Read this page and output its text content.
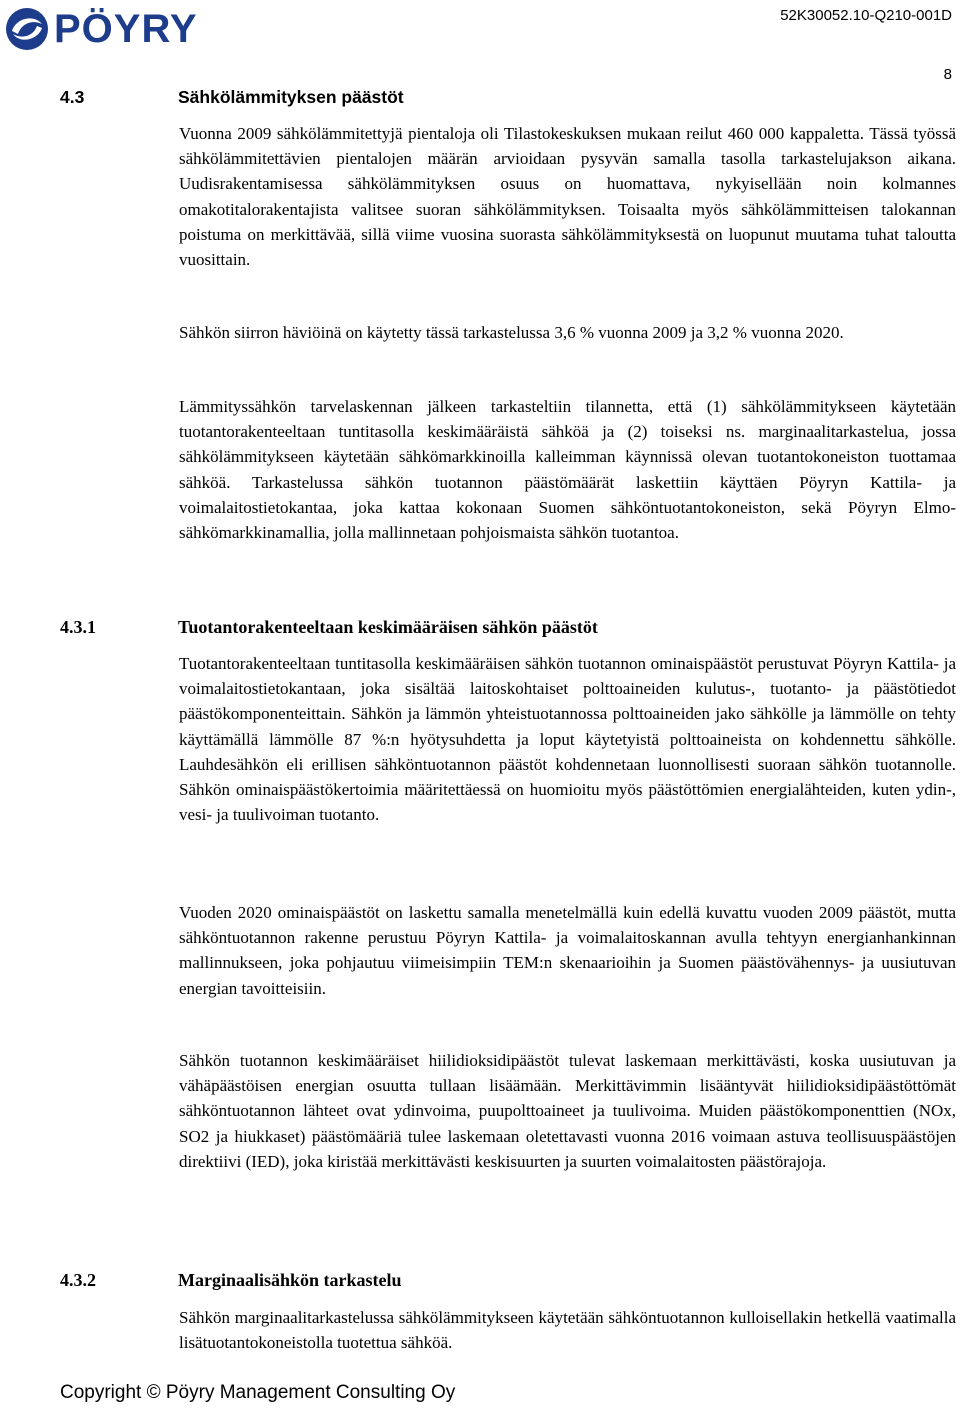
PÖYRY	52K30052.10-Q210-001D
8
4.3	Sähkölämmityksen päästöt

Vuonna 2009 sähkölämmitettyjä pientaloja oli Tilastokeskuksen mukaan reilut 460 000 kappaletta. Tässä työssä sähkölämmitettävien pientalojen määrän arvioidaan pysyvän samalla tasolla tarkastelujakson aikana. Uudisrakentamisessa sähkölämmityksen osuus on huomattava, nykyisellään noin kolmannes omakotitalorakentajista valitsee suoran sähkölämmityksen. Toisaalta myös sähkölämmitteisen talokannan poistuma on merkittävää, sillä viime vuosina suorasta sähkölämmityksestä on luopunut muutama tuhat taloutta vuosittain.

Sähkön siirron häviöinä on käytetty tässä tarkastelussa 3,6 % vuonna 2009 ja 3,2 % vuonna 2020.

Lämmityssähkön tarvelaskennan jälkeen tarkasteltiin tilannetta, että (1) sähkölämmitykseen käytetään tuotantorakenteeltaan tuntitasolla keskimääräistä sähköä ja (2) toiseksi ns. marginaalitarkastelua, jossa sähkölämmitykseen käytetään sähkömarkkinoilla kalleimman käynnissä olevan tuotantokoneiston tuottamaa sähköä. Tarkastelussa sähkön tuotannon päästömäärät laskettiin käyttäen Pöyryn Kattila- ja voimalaitostietokantaa, joka kattaa kokonaan Suomen sähköntuotantokoneiston, sekä Pöyryn Elmo-sähkömarkkinamallia, jolla mallinnetaan pohjoismaista sähkön tuotantoa.

4.3.1	Tuotantorakenteeltaan keskimääräisen sähkön päästöt

Tuotantorakenteeltaan tuntitasolla keskimääräisen sähkön tuotannon ominaispäästöt perustuvat Pöyryn Kattila- ja voimalaitostietokantaan, joka sisältää laitoskohtaiset polttoaineiden kulutus-, tuotanto- ja päästötiedot päästökomponenteittain. Sähkön ja lämmön yhteistuotannossa polttoaineiden jako sähkölle ja lämmölle on tehty käyttämällä lämmölle 87 %:n hyötysuhdetta ja loput käytetyistä polttoaineista on kohdennettu sähkölle. Lauhdesähkön eli erillisen sähköntuotannon päästöt kohdennetaan luonnollisesti suoraan sähkön tuotannolle. Sähkön ominaispäästökertoimia määritettäessä on huomioitu myös päästöttömien energialähteiden, kuten ydin-, vesi- ja tuulivoiman tuotanto.

Vuoden 2020 ominaispäästöt on laskettu samalla menetelmällä kuin edellä kuvattu vuoden 2009 päästöt, mutta sähköntuotannon rakenne perustuu Pöyryn Kattila- ja voimalaitoskannan avulla tehtyyn energianhankinnan mallinnukseen, joka pohjautuu viimeisimpiin TEM:n skenaarioihin ja Suomen päästövähennys- ja uusiutuvan energian tavoitteisiin.

Sähkön tuotannon keskimääräiset hiilidioksidipäästöt tulevat laskemaan merkittävästi, koska uusiutuvan ja vähäpäästöisen energian osuutta tullaan lisäämään. Merkittävimmin lisääntyvät hiilidioksidipäästöttömät sähköntuotannon lähteet ovat ydinvoima, puupolttoaineet ja tuulivoima. Muiden päästökomponenttien (NOx, SO2 ja hiukkaset) päästömääriä tulee laskemaan oletettavasti vuonna 2016 voimaan astuva teollisuuspäästöjen direktiivi (IED), joka kiristää merkittävästi keskisuurten ja suurten voimalaitosten päästörajoja.

4.3.2	Marginaalisähkön tarkastelu

Sähkön marginaalitarkastelussa sähkölämmitykseen käytetään sähköntuotannon kulloisellakin hetkellä vaatimalla lisätuotantokoneistolla tuotettua sähköä.

Copyright © Pöyry Management Consulting Oy
